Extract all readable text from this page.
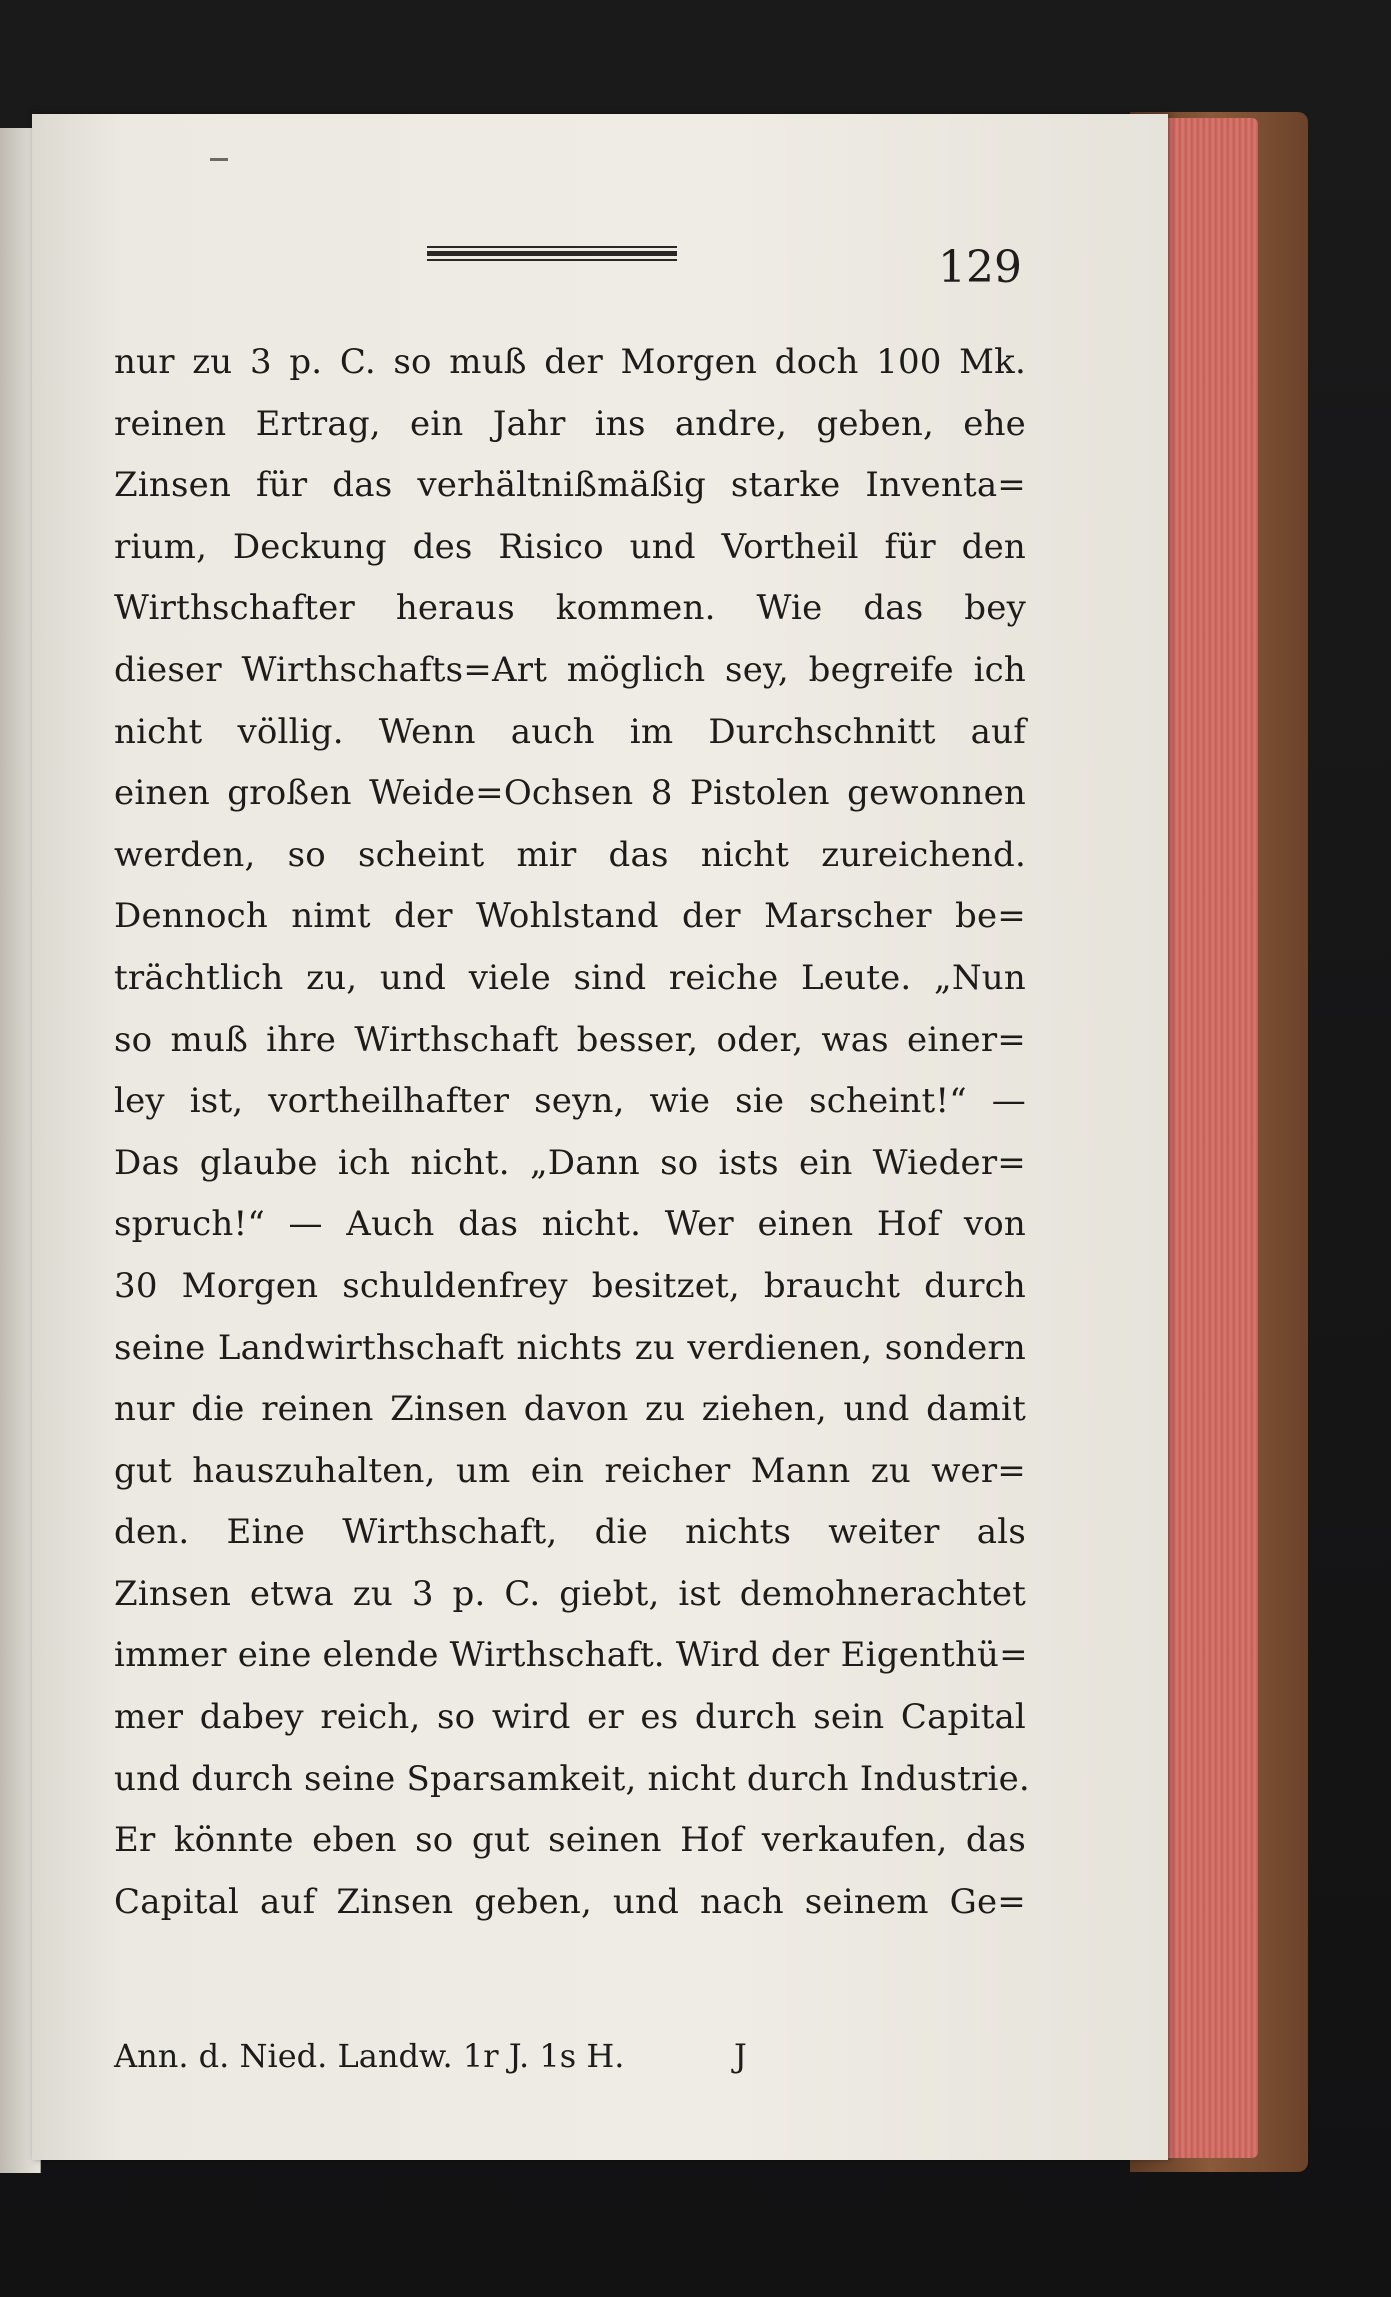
129
nur zu 3 p. C. so muß der Morgen doch 100 Mk.
reinen Ertrag, ein Jahr ins andre, geben, ehe
Zinsen für das verhältnißmäßig starke Inventa=
rium, Deckung des Risico und Vortheil für den
Wirthschafter heraus kommen. Wie das bey
dieser Wirthschafts=Art möglich sey, begreife ich
nicht völlig. Wenn auch im Durchschnitt auf
einen großen Weide=Ochsen 8 Pistolen gewonnen
werden, so scheint mir das nicht zureichend.
Dennoch nimt der Wohlstand der Marscher be=
trächtlich zu, und viele sind reiche Leute. „Nun
so muß ihre Wirthschaft besser, oder, was einer=
ley ist, vortheilhafter seyn, wie sie scheint!“ —
Das glaube ich nicht. „Dann so ists ein Wieder=
spruch!“ — Auch das nicht. Wer einen Hof von
30 Morgen schuldenfrey besitzet, braucht durch
seine Landwirthschaft nichts zu verdienen, sondern
nur die reinen Zinsen davon zu ziehen, und damit
gut hauszuhalten, um ein reicher Mann zu wer=
den. Eine Wirthschaft, die nichts weiter als
Zinsen etwa zu 3 p. C. giebt, ist demohnerachtet
immer eine elende Wirthschaft. Wird der Eigenthü=
mer dabey reich, so wird er es durch sein Capital
und durch seine Sparsamkeit, nicht durch Industrie.
Er könnte eben so gut seinen Hof verkaufen, das
Capital auf Zinsen geben, und nach seinem Ge=
Ann. d. Nied. Landw. 1r J. 1s H.	J
